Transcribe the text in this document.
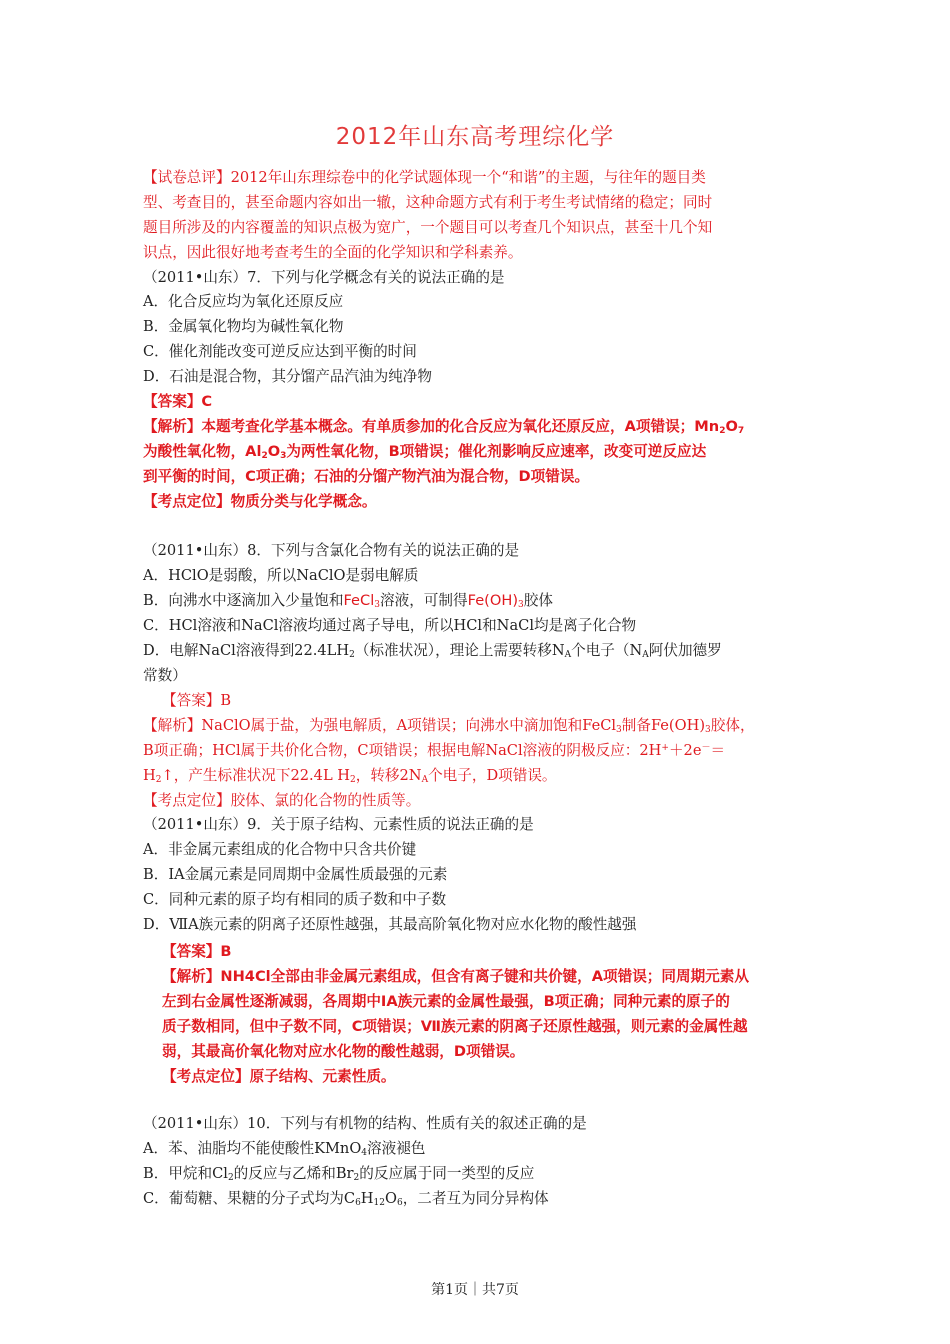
2012年山东高考理综化学
【试卷总评】2012年山东理综卷中的化学试题体现一个“和谐”的主题，与往年的题目类
型、考查目的，甚至命题内容如出一辙，这种命题方式有利于考生考试情绪的稳定；同时
题目所涉及的内容覆盖的知识点极为宽广，一个题目可以考查几个知识点，甚至十几个知
识点，因此很好地考查考生的全面的化学知识和学科素养。
（2011•山东）7．下列与化学概念有关的说法正确的是
A．化合反应均为氧化还原反应
B．金属氧化物均为碱性氧化物
C．催化剂能改变可逆反应达到平衡的时间
D．石油是混合物，其分馏产品汽油为纯净物
【答案】C
【解析】本题考查化学基本概念。有单质参加的化合反应为氧化还原反应，A项错误；$Mn_2O_7$
为酸性氧化物，$Al_2O_3$为两性氧化物，B项错误；催化剂影响反应速率，改变可逆反应达
到平衡的时间，C项正确；石油的分馏产物汽油为混合物，D项错误。
【考点定位】物质分类与化学概念。
（2011•山东）8．下列与含氯化合物有关的说法正确的是
A．HClO是弱酸，所以NaClO是弱电解质
B．向沸水中逐滴加入少量饱和FeCl$_3$溶液，可制得$Fe(OH)_3$胶体
C．HCl溶液和NaCl溶液均通过离子导电，所以HCl和NaCl均是离子化合物
D．电解NaCl溶液得到$22.4LH_2$（标准状况），理论上需要转移$N_A$个电子（$N_A$阿伏加德罗
常数）
【答案】B
【解析】NaClO属于盐，为强电解质，A项错误；向沸水中滴加饱和FeCl$_3$制备$Fe(OH)_3$胶体，
B项正确；HCl属于共价化合物，C项错误；根据电解NaCl溶液的阴极反应：2H+＋2e－＝
$H_2↑$，产生标准状况下22.4L $H_2$，转移$2N_A$个电子，D项错误。
【考点定位】胶体、氯的化合物的性质等。
（2011•山东）9．关于原子结构、元素性质的说法正确的是
A．非金属元素组成的化合物中只含共价键
B．ⅠA金属元素是同周期中金属性质最强的元素
C．同种元素的原子均有相同的质子数和中子数
D．ⅦA族元素的阴离子还原性越强，其最高阶氧化物对应水化物的酸性越强
【答案】B
【解析】NH4Cl全部由非金属元素组成，但含有离子键和共价键，A项错误；同周期元素从
左到右金属性逐渐减弱，各周期中ⅠA族元素的金属性最强，B项正确；同种元素的原子的
质子数相同，但中子数不同，C项错误；Ⅶ族元素的阴离子还原性越强，则元素的金属性越
弱，其最高价氧化物对应水化物的酸性越弱，D项错误。
【考点定位】原子结构、元素性质。
（2011•山东）10．下列与有机物的结构、性质有关的叙述正确的是
A．苯、油脂均不能使酸性KMnO$_4$溶液褪色
B．甲烷和$Cl_2$的反应与乙烯和$Br_2$的反应属于同一类型的反应
C．葡萄糖、果糖的分子式均为$C_6H_{12}O_6$，二者互为同分异构体
第1页｜共7页
